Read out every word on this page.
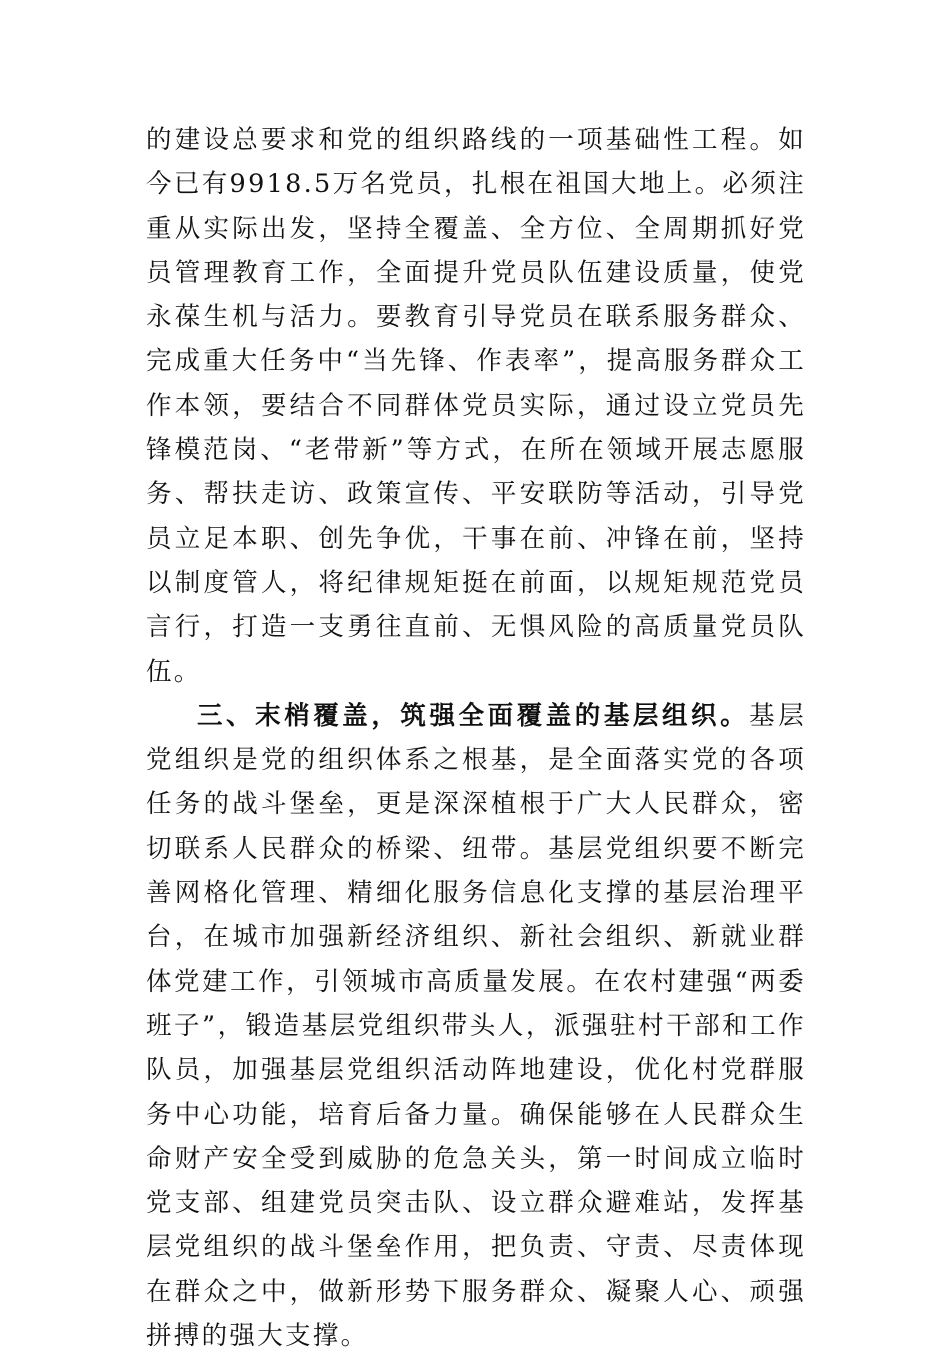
的建设总要求和党的组织路线的一项基础性工程。如今已有9918.5万名党员，扎根在祖国大地上。必须注重从实际出发，坚持全覆盖、全方位、全周期抓好党员管理教育工作，全面提升党员队伍建设质量，使党永葆生机与活力。要教育引导党员在联系服务群众、完成重大任务中“当先锋、作表率”，提高服务群众工作本领，要结合不同群体党员实际，通过设立党员先锋模范岗、“老带新”等方式，在所在领域开展志愿服务、帮扶走访、政策宣传、平安联防等活动，引导党员立足本职、创先争优，干事在前、冲锋在前，坚持以制度管人，将纪律规矩挺在前面，以规矩规范党员言行，打造一支勇往直前、无惧风险的高质量党员队伍。

三、末梢覆盖，筑强全面覆盖的基层组织。基层党组织是党的组织体系之根基，是全面落实党的各项任务的战斗堡垒，更是深深植根于广大人民群众，密切联系人民群众的桥梁、纽带。基层党组织要不断完善网格化管理、精细化服务信息化支撑的基层治理平台，在城市加强新经济组织、新社会组织、新就业群体党建工作，引领城市高质量发展。在农村建强“两委班子”，锻造基层党组织带头人，派强驻村干部和工作队员，加强基层党组织活动阵地建设，优化村党群服务中心功能，培育后备力量。确保能够在人民群众生命财产安全受到威胁的危急关头，第一时间成立临时党支部、组建党员突击队、设立群众避难站，发挥基层党组织的战斗堡垒作用，把负责、守责、尽责体现在群众之中，做新形势下服务群众、凝聚人心、顽强拼搏的强大支撑。
